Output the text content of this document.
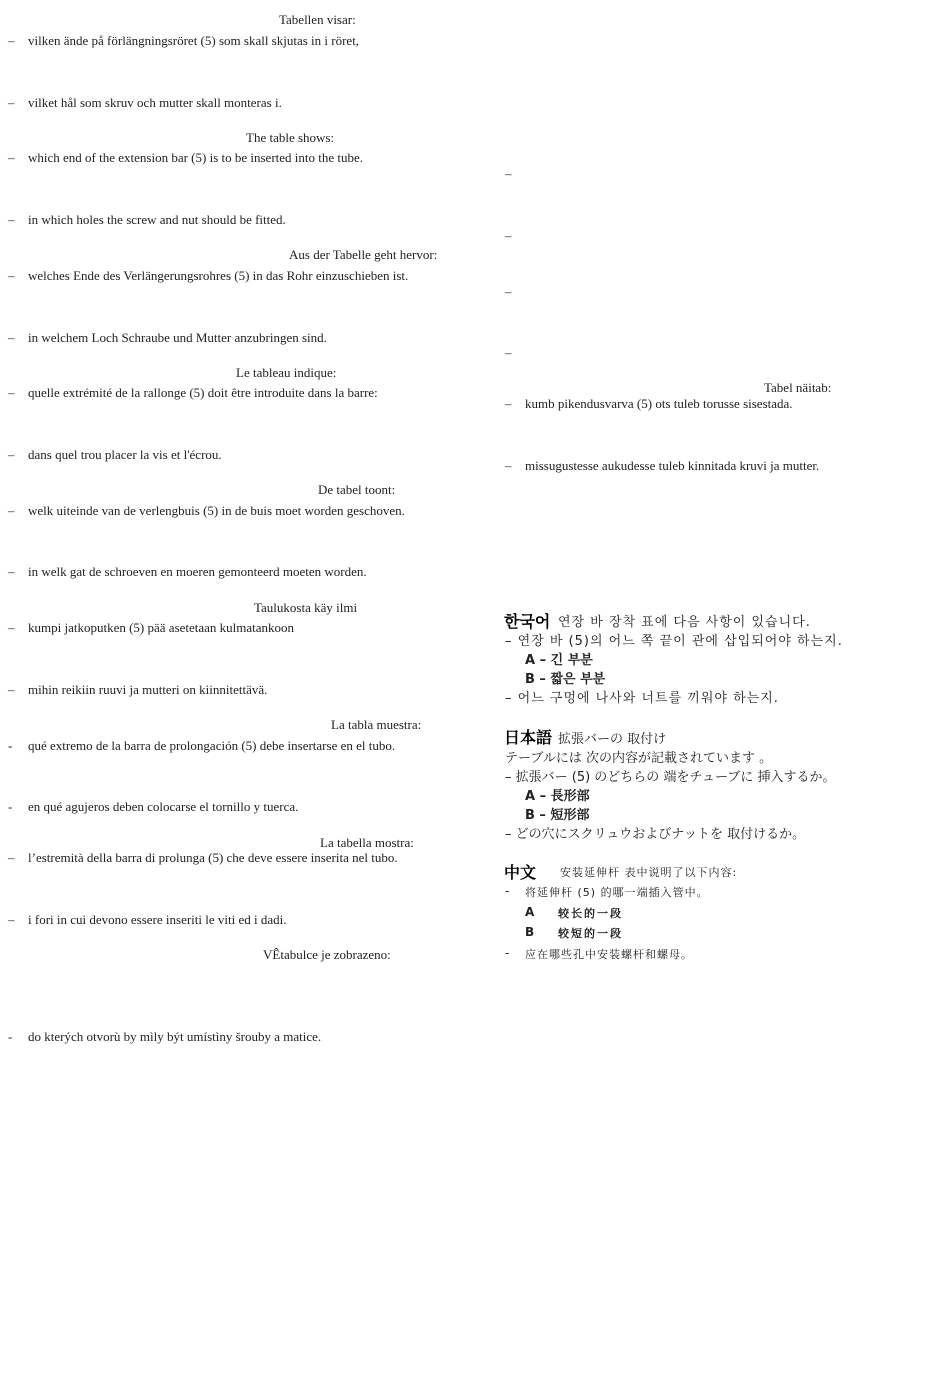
Tabellen visar:
– vilken ände på förlängningsröret (5) som skall skjutas in i röret,
– vilket hål som skruv och mutter skall monteras i.
The table shows:
– which end of the extension bar (5) is to be inserted into the tube.
– in which holes the screw and nut should be fitted.
Aus der Tabelle geht hervor:
– welches Ende des Verlängerungsrohres (5) in das Rohr einzuschieben ist.
– in welchem Loch Schraube und Mutter anzubringen sind.
Le tableau indique:
– quelle extrémité de la rallonge (5) doit être introduite dans la barre:
– dans quel trou placer la vis et l'écrou.
De tabel toont:
– welk uiteinde van de verlengbuis (5) in de buis moet worden geschoven.
– in welk gat de schroeven en moeren gemonteerd moeten worden.
Taulukosta käy ilmi
– kumpi jatkoputken (5) pää asetetaan kulmatankoon
– mihin reikiin ruuvi ja mutteri on kiinnitettävä.
La tabla muestra:
- qué extremo de la barra de prolongación (5) debe insertarse en el tubo.
- en qué agujeros deben colocarse el tornillo y tuerca.
La tabella mostra:
– l’estremità della barra di prolunga (5) che deve essere inserita nel tubo.
– i fori in cui devono essere inseriti le viti ed i dadi.
VÊtabulce je zobrazeno:
- do kterých otvorù by mìly být umístìny šrouby a matice.
–
–
–
–
Tabel näitab:
– kumb pikendusvarva (5) ots tuleb torusse sisestada.
– missugustesse aukudesse tuleb kinnitada kruvi ja mutter.
한국어 연장 바 장착 표에 다음 사항이 있습니다.
– 연장 바 (5)의 어느 쪽 끝이 관에 삽입되어야 하는지.
A – 긴 부분
B – 짧은 부분
– 어느 구멍에 나사와 너트를 끼워야 하는지.
日本語 拡張バーの 取付け
テーブルには 次の内容が記載されています 。
– 拡張バー (5) のどちらの 端をチューブに 挿入するか。
A – 長形部
B – 短形部
– どの穴にスクリュウおよびナットを 取付けるか。
中文 安装延伸杆 表中说明了以下内容:
- 将延伸杆 (5) 的哪一端插入管中。
A 较长的一段
B 较短的一段
- 应在哪些孔中安装螺杆和螺母。
